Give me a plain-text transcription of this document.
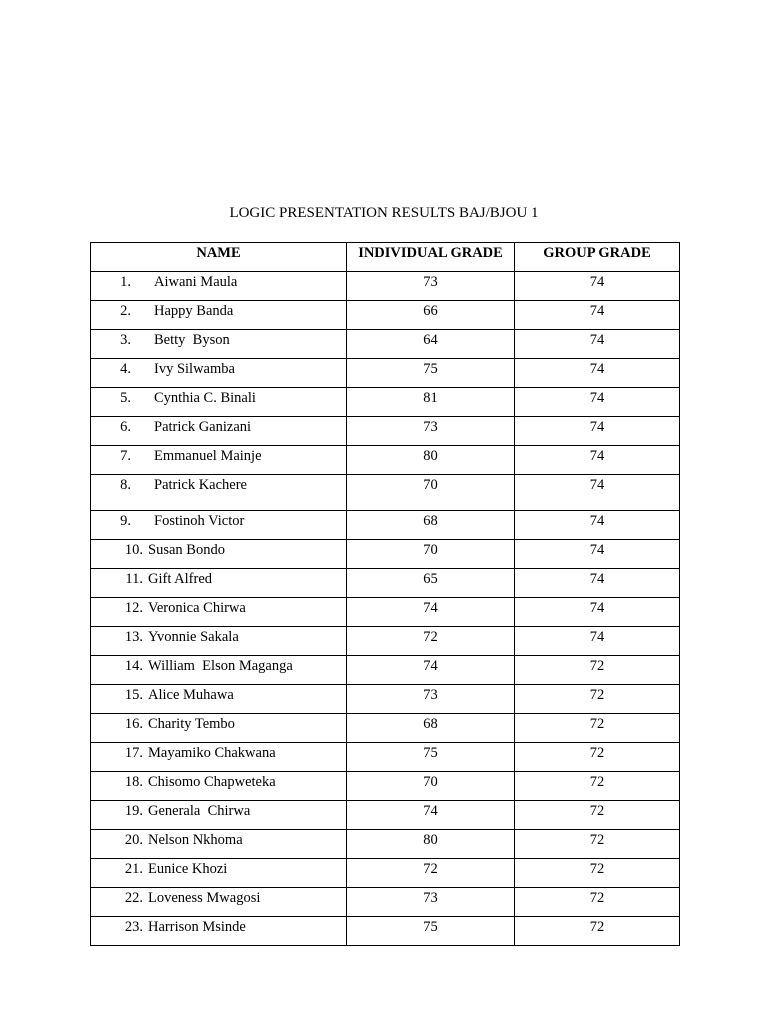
LOGIC PRESENTATION RESULTS BAJ/BJOU 1
NAME	INDIVIDUAL GRADE	GROUP GRADE
1. Aiwani Maula	73	74
2. Happy Banda	66	74
3. Betty  Byson	64	74
4. Ivy Silwamba	75	74
5. Cynthia C. Binali	81	74
6. Patrick Ganizani	73	74
7. Emmanuel Mainje	80	74
8. Patrick Kachere	70	74
9. Fostinoh Victor	68	74
10. Susan Bondo	70	74
11. Gift Alfred	65	74
12. Veronica Chirwa	74	74
13. Yvonnie Sakala	72	74
14. William  Elson Maganga	74	72
15. Alice Muhawa	73	72
16. Charity Tembo	68	72
17. Mayamiko Chakwana	75	72
18. Chisomo Chapweteka	70	72
19. Generala  Chirwa	74	72
20. Nelson Nkhoma	80	72
21. Eunice Khozi	72	72
22. Loveness Mwagosi	73	72
23. Harrison Msinde	75	72
